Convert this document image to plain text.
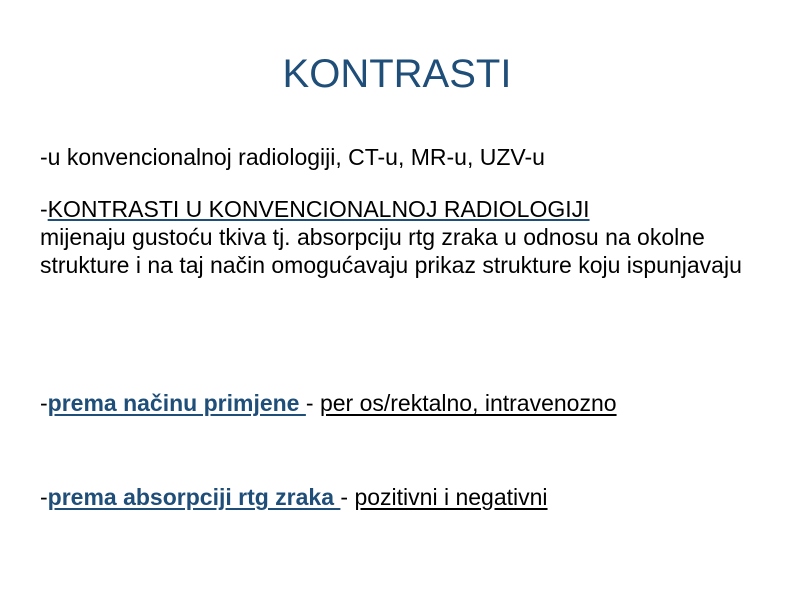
KONTRASTI
-u konvencionalnoj radiologiji, CT-u, MR-u, UZV-u
-KONTRASTI U KONVENCIONALNOJ RADIOLOGIJI
mijenaju gustoću tkiva tj. absorpciju rtg zraka u odnosu na okolne strukture i na taj način omogućavaju prikaz strukture koju ispunjavaju
-prema načinu primjene - per os/rektalno, intravenozno
-prema absorpciji rtg zraka - pozitivni i negativni
